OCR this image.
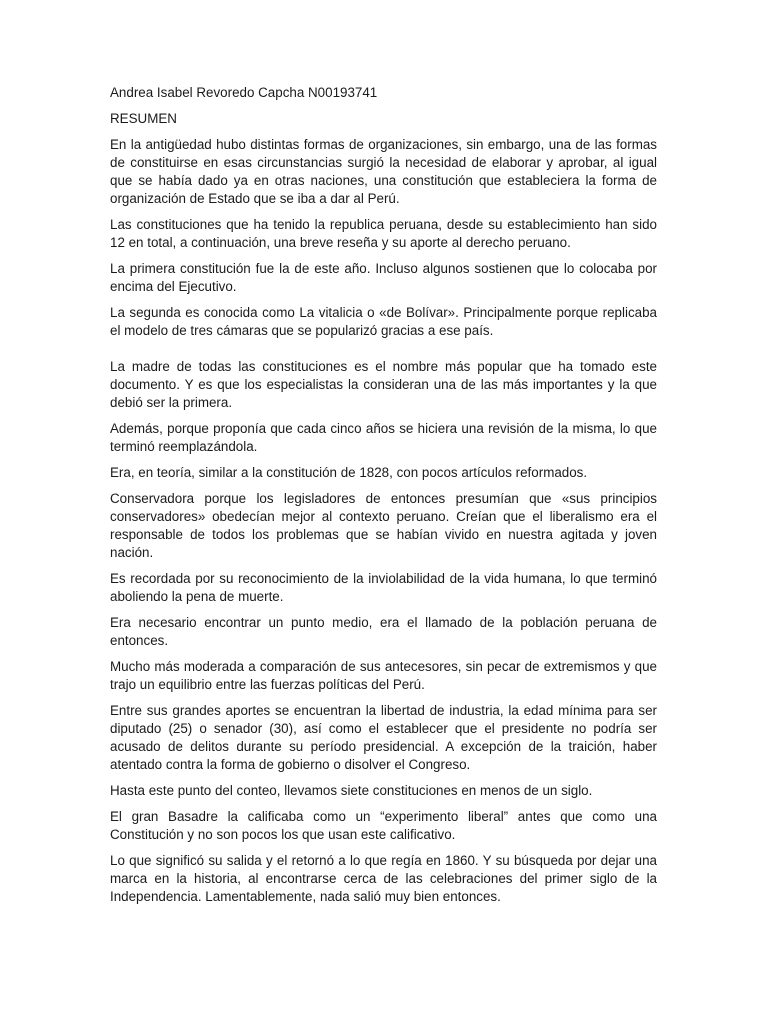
Andrea Isabel Revoredo Capcha N00193741

RESUMEN

En la antigüedad hubo distintas formas de organizaciones, sin embargo, una de las formas de constituirse en esas circunstancias surgió la necesidad de elaborar y aprobar, al igual que se había dado ya en otras naciones, una constitución que estableciera la forma de organización de Estado que se iba a dar al Perú.

Las constituciones que ha tenido la republica peruana, desde su establecimiento han sido 12 en total, a continuación, una breve reseña y su aporte al derecho peruano.

La primera constitución fue la de este año. Incluso algunos sostienen que lo colocaba por encima del Ejecutivo.

La segunda es conocida como La vitalicia o «de Bolívar». Principalmente porque replicaba el modelo de tres cámaras que se popularizó gracias a ese país.

La madre de todas las constituciones es el nombre más popular que ha tomado este documento. Y es que los especialistas la consideran una de las más importantes y la que debió ser la primera.

Además, porque proponía que cada cinco años se hiciera una revisión de la misma, lo que terminó reemplazándola.

Era, en teoría, similar a la constitución de 1828, con pocos artículos reformados.

Conservadora porque los legisladores de entonces presumían que «sus principios conservadores» obedecían mejor al contexto peruano. Creían que el liberalismo era el responsable de todos los problemas que se habían vivido en nuestra agitada y joven nación.

Es recordada por su reconocimiento de la inviolabilidad de la vida humana, lo que terminó aboliendo la pena de muerte.

Era necesario encontrar un punto medio, era el llamado de la población peruana de entonces.

Mucho más moderada a comparación de sus antecesores, sin pecar de extremismos y que trajo un equilibrio entre las fuerzas políticas del Perú.

Entre sus grandes aportes se encuentran la libertad de industria, la edad mínima para ser diputado (25) o senador (30), así como el establecer que el presidente no podría ser acusado de delitos durante su período presidencial. A excepción de la traición, haber atentado contra la forma de gobierno o disolver el Congreso.

Hasta este punto del conteo, llevamos siete constituciones en menos de un siglo.

El gran Basadre la calificaba como un “experimento liberal” antes que como una Constitución y no son pocos los que usan este calificativo.

Lo que significó su salida y el retornó a lo que regía en 1860. Y su búsqueda por dejar una marca en la historia, al encontrarse cerca de las celebraciones del primer siglo de la Independencia. Lamentablemente, nada salió muy bien entonces.
